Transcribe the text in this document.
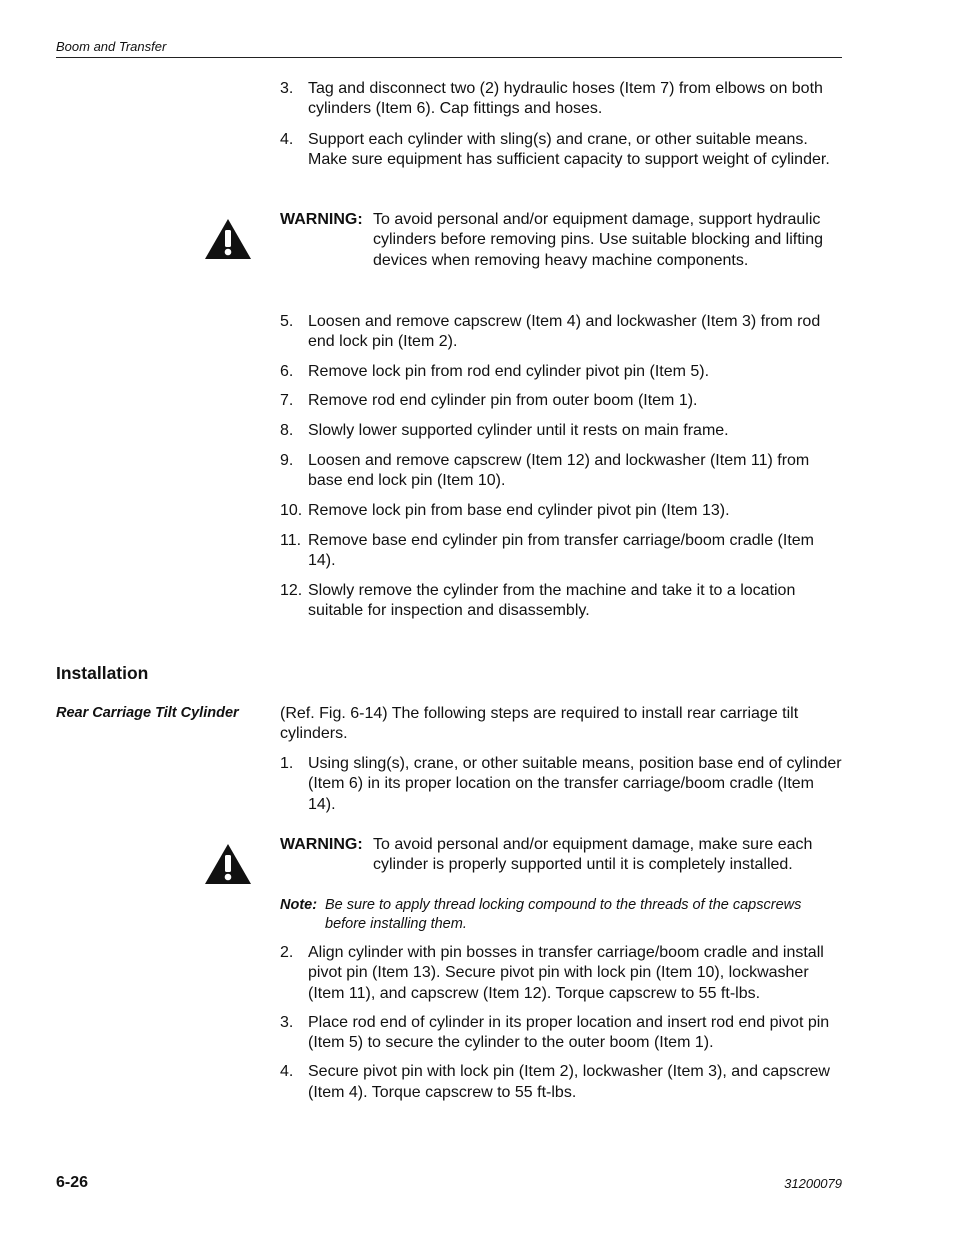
Boom and Transfer
3. Tag and disconnect two (2) hydraulic hoses (Item 7) from elbows on both cylinders (Item 6). Cap fittings and hoses.
4. Support each cylinder with sling(s) and crane, or other suitable means. Make sure equipment has sufficient capacity to support weight of cylinder.
WARNING: To avoid personal and/or equipment damage, support hydraulic cylinders before removing pins. Use suitable blocking and lifting devices when removing heavy machine components.
5. Loosen and remove capscrew (Item 4) and lockwasher (Item 3) from rod end lock pin (Item 2).
6. Remove lock pin from rod end cylinder pivot pin (Item 5).
7. Remove rod end cylinder pin from outer boom (Item 1).
8. Slowly lower supported cylinder until it rests on main frame.
9. Loosen and remove capscrew (Item 12) and lockwasher (Item 11) from base end lock pin (Item 10).
10. Remove lock pin from base end cylinder pivot pin (Item 13).
11. Remove base end cylinder pin from transfer carriage/boom cradle (Item 14).
12. Slowly remove the cylinder from the machine and take it to a location suitable for inspection and disassembly.
Installation
Rear Carriage Tilt Cylinder	(Ref. Fig. 6-14) The following steps are required to install rear carriage tilt cylinders.
1. Using sling(s), crane, or other suitable means, position base end of cylinder (Item 6) in its proper location on the transfer carriage/boom cradle (Item 14).
WARNING: To avoid personal and/or equipment damage, make sure each cylinder is properly supported until it is completely installed.
Note: Be sure to apply thread locking compound to the threads of the capscrews before installing them.
2. Align cylinder with pin bosses in transfer carriage/boom cradle and install pivot pin (Item 13). Secure pivot pin with lock pin (Item 10), lockwasher (Item 11), and capscrew (Item 12). Torque capscrew to 55 ft-lbs.
3. Place rod end of cylinder in its proper location and insert rod end pivot pin (Item 5) to secure the cylinder to the outer boom (Item 1).
4. Secure pivot pin with lock pin (Item 2), lockwasher (Item 3), and capscrew (Item 4). Torque capscrew to 55 ft-lbs.
6-26	31200079
